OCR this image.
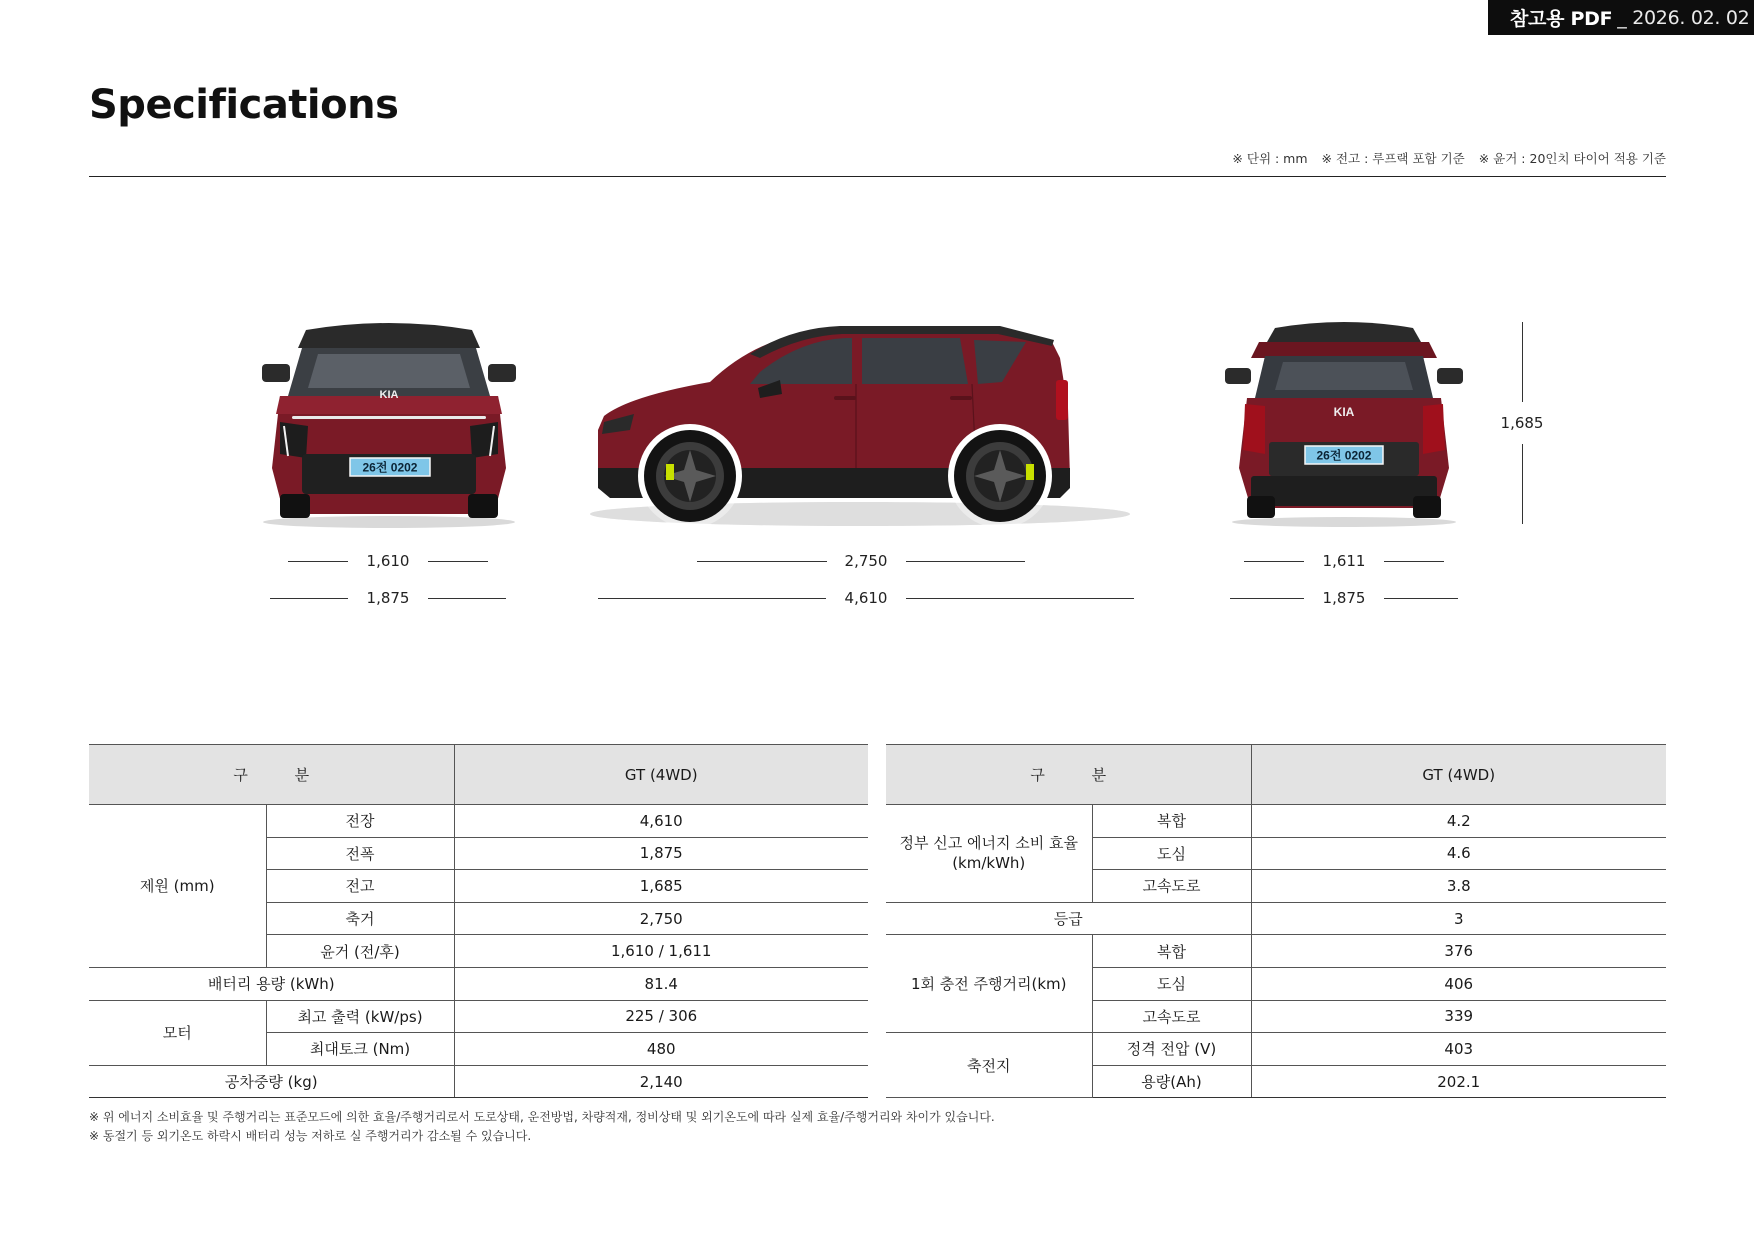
참고용 PDF _ 2026. 02. 02
Specifications
※ 단위 : mm ※ 전고 : 루프랙 포함 기준 ※ 윤거 : 20인치 타이어 적용 기준
KIA
26전 0202
KIA
26전 0202
1,610
1,875
2,750
4,610
1,611
1,875
1,685
구 분		GT (4WD)
제원 (mm)	전장	4,610
	전폭	1,875
	전고	1,685
	축거	2,750
	윤거 (전/후)	1,610 / 1,611
배터리 용량 (kWh)		81.4
모터	최고 출력 (kW/ps)	225 / 306
	최대토크 (Nm)	480
공차중량 (kg)		2,140
구 분		GT (4WD)

정부 신고 에너지 소비 효율
(km/kWh)	복합	4.2
	도심	4.6
	고속도로	3.8
등급		3
1회 충전 주행거리(km)	복합	376
	도심	406
	고속도로	339
축전지	정격 전압 (V)	403
	용량(Ah)	202.1
※ 위 에너지 소비효율 및 주행거리는 표준모드에 의한 효율/주행거리로서 도로상태, 운전방법, 차량적재, 정비상태 및 외기온도에 따라 실제 효율/주행거리와 차이가 있습니다.
※ 동절기 등 외기온도 하락시 배터리 성능 저하로 실 주행거리가 감소될 수 있습니다.
